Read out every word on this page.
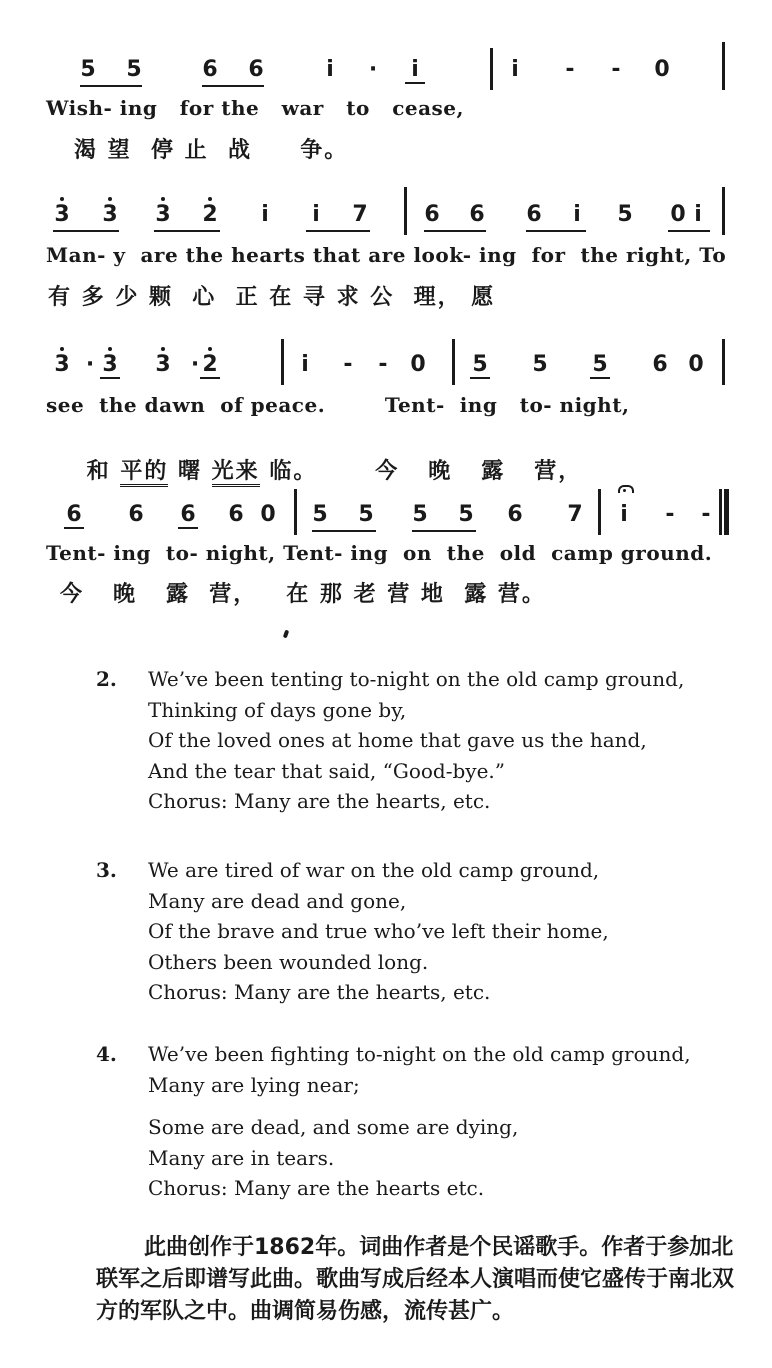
5 5	6 6	i · i	i - - 0
Wish- ing   for the   war   to   cease,
渴 望  停 止  战     争。
3 3 3 2 i i 7	6 6 6 i 5 0 i
Man- y  are the hearts that are look- ing  for  the right, To
有 多 少 颗  心  正 在 寻 求 公  理， 愿
3 · 3 3 · 2	i - - 0 5 5 5 6 0
see  the dawn  of peace.        Tent-  ing   to- night,

和 平的 曙 光来 临。      今   晚   露   营，

6 6 6 6 0 5 5 5 5 6 7 i - -
Tent- ing  to- night, Tent- ing  on  the  old  camp ground.
今   晚   露  营，   在 那 老 营 地  露 营。
2. We’ve been tenting to-night on the old camp ground,
Thinking of days gone by,
Of the loved ones at home that gave us the hand,
And the tear that said, “Good-bye.”
Chorus: Many are the hearts, etc.
3. We are tired of war on the old camp ground,
Many are dead and gone,
Of the brave and true who’ve left their home,
Others been wounded long.
Chorus: Many are the hearts, etc.
4. We’ve been fighting to-night on the old camp ground,
Many are lying near;
Some are dead, and some are dying,
Many are in tears.
Chorus: Many are the hearts etc.
此曲创作于1862年。词曲作者是个民谣歌手。作者于参加北联军之后即谱写此曲。歌曲写成后经本人演唱而使它盛传于南北双方的军队之中。曲调简易伤感，流传甚广。
